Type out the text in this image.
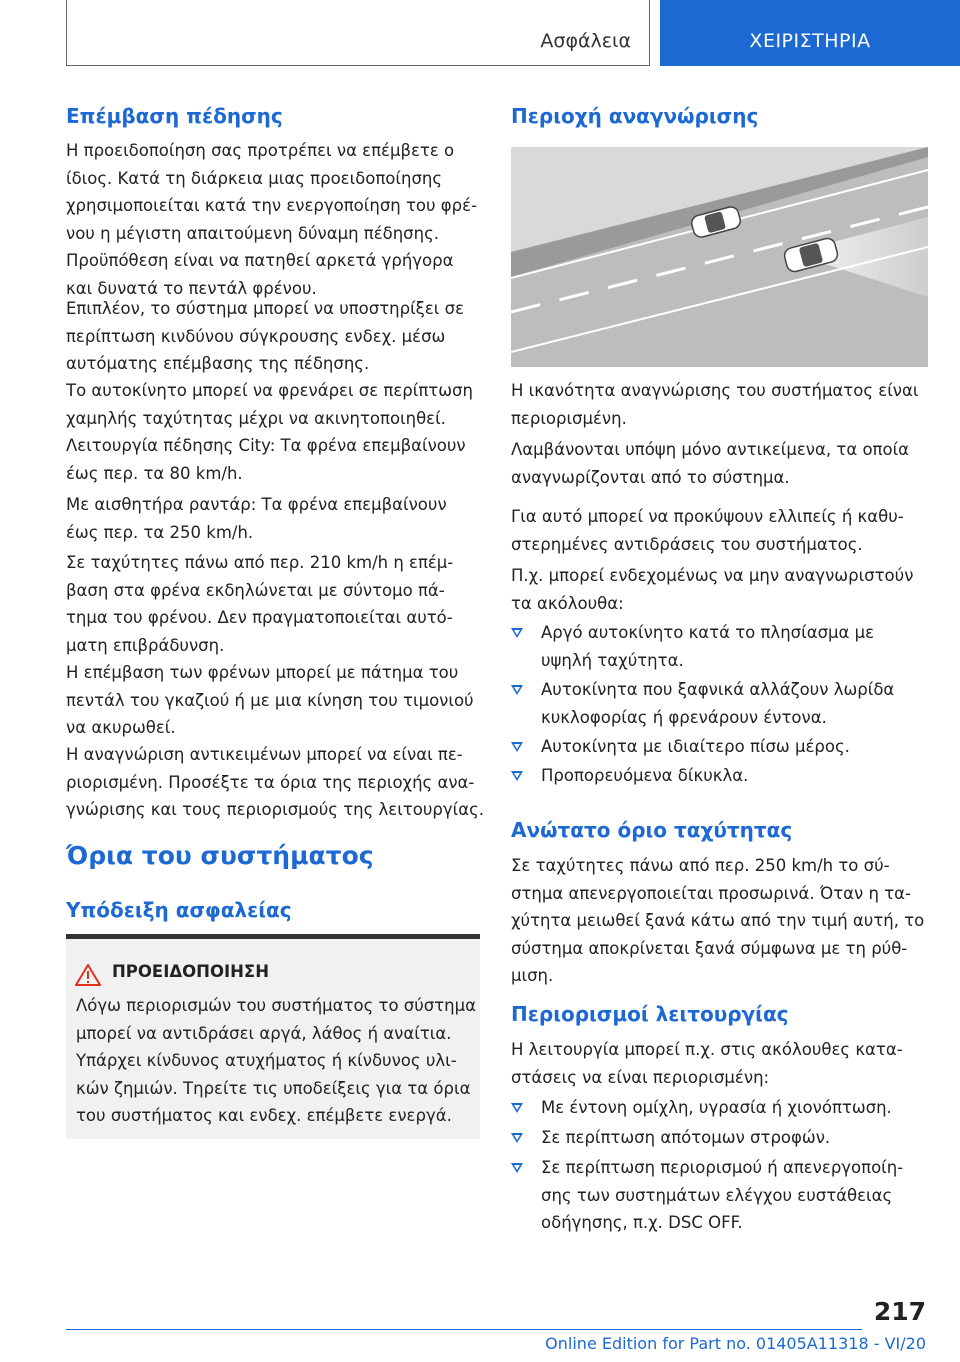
Ασφάλεια	ΧΕΙΡΙΣΤΗΡΙΑ
Επέμβαση πέδησης
Η προειδοποίηση σας προτρέπει να επέμβετε ο
ίδιος. Κατά τη διάρκεια μιας προειδοποίησης
χρησιμοποιείται κατά την ενεργοποίηση του φρέ‐
νου η μέγιστη απαιτούμενη δύναμη πέδησης.
Προϋπόθεση είναι να πατηθεί αρκετά γρήγορα
και δυνατά το πεντάλ φρένου.
Επιπλέον, το σύστημα μπορεί να υποστηρίξει σε
περίπτωση κινδύνου σύγκρουσης ενδεχ. μέσω
αυτόματης επέμβασης της πέδησης.
Το αυτοκίνητο μπορεί να φρενάρει σε περίπτωση
χαμηλής ταχύτητας μέχρι να ακινητοποιηθεί.
Λειτουργία πέδησης City: Τα φρένα επεμβαίνουν
έως περ. τα 80 km/h.
Με αισθητήρα ραντάρ: Τα φρένα επεμβαίνουν
έως περ. τα 250 km/h.
Σε ταχύτητες πάνω από περ. 210 km/h η επέμ‐
βαση στα φρένα εκδηλώνεται με σύντομο πά‐
τημα του φρένου. Δεν πραγματοποιείται αυτό‐
ματη επιβράδυνση.
Η επέμβαση των φρένων μπορεί με πάτημα του
πεντάλ του γκαζιού ή με μια κίνηση του τιμονιού
να ακυρωθεί.
Η αναγνώριση αντικειμένων μπορεί να είναι πε‐
ριορισμένη. Προσέξτε τα όρια της περιοχής ανα‐
γνώρισης και τους περιορισμούς της λειτουργίας.
Όρια του συστήματος
Υπόδειξη ασφαλείας
ΠΡΟΕΙΔΟΠΟΙΗΣΗ
Λόγω περιορισμών του συστήματος το σύστημα
μπορεί να αντιδράσει αργά, λάθος ή αναίτια.
Υπάρχει κίνδυνος ατυχήματος ή κίνδυνος υλι‐
κών ζημιών. Τηρείτε τις υποδείξεις για τα όρια
του συστήματος και ενδεχ. επέμβετε ενεργά.
Περιοχή αναγνώρισης
Η ικανότητα αναγνώρισης του συστήματος είναι
περιορισμένη.
Λαμβάνονται υπόψη μόνο αντικείμενα, τα οποία
αναγνωρίζονται από το σύστημα.
Για αυτό μπορεί να προκύψουν ελλιπείς ή καθυ‐
στερημένες αντιδράσεις του συστήματος.
Π.χ. μπορεί ενδεχομένως να μην αναγνωριστούν
τα ακόλουθα:
Αργό αυτοκίνητο κατά το πλησίασμα με
υψηλή ταχύτητα.
Αυτοκίνητα που ξαφνικά αλλάζουν λωρίδα
κυκλοφορίας ή φρενάρουν έντονα.
Αυτοκίνητα με ιδιαίτερο πίσω μέρος.
Προπορευόμενα δίκυκλα.
Ανώτατο όριο ταχύτητας
Σε ταχύτητες πάνω από περ. 250 km/h το σύ‐
στημα απενεργοποιείται προσωρινά. Όταν η τα‐
χύτητα μειωθεί ξανά κάτω από την τιμή αυτή, το
σύστημα αποκρίνεται ξανά σύμφωνα με τη ρύθ‐
μιση.
Περιορισμοί λειτουργίας
Η λειτουργία μπορεί π.χ. στις ακόλουθες κατα‐
στάσεις να είναι περιορισμένη:
Με έντονη ομίχλη, υγρασία ή χιονόπτωση.
Σε περίπτωση απότομων στροφών.
Σε περίπτωση περιορισμού ή απενεργοποίη‐
σης των συστημάτων ελέγχου ευστάθειας
οδήγησης, π.χ. DSC OFF.
217
Online Edition for Part no. 01405A11318 - VI/20
